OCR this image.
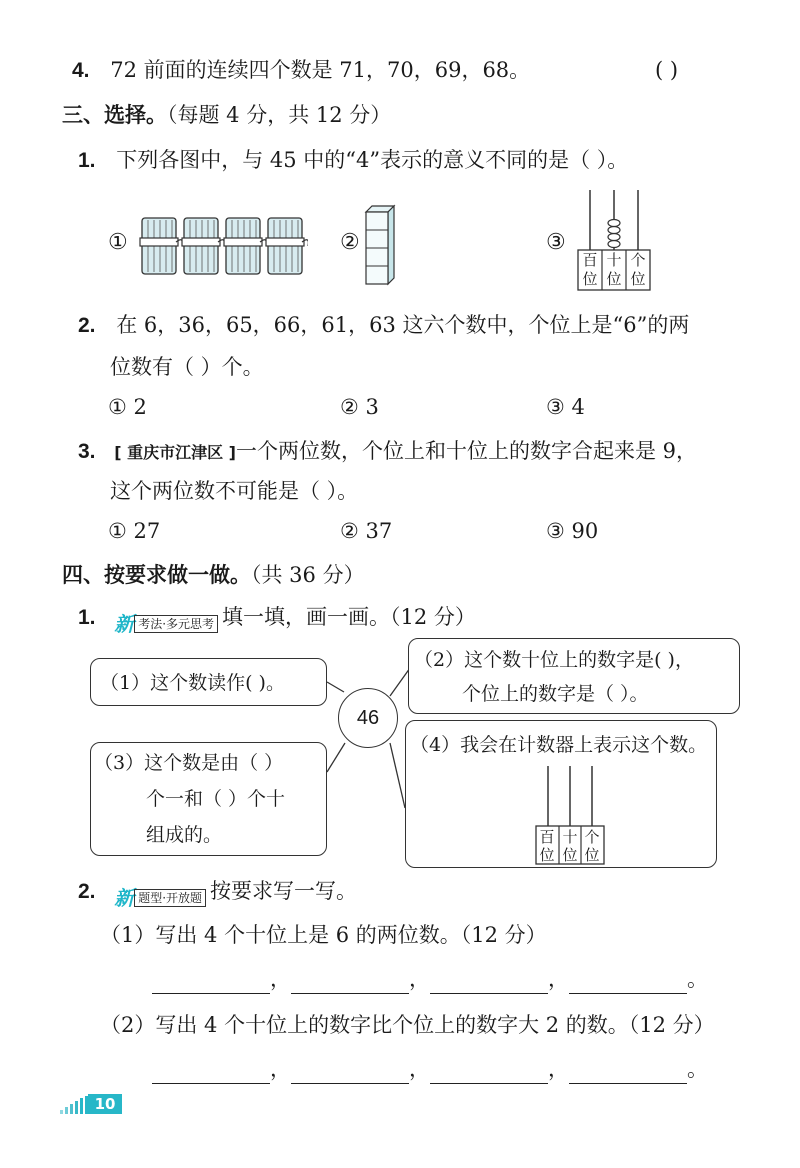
4. 72 前面的连续四个数是 71，70，69，68。	( )
三、选择。（每题 4 分，共 12 分）
1. 下列各图中，与 45 中的“4”表示的意义不同的是（ ）。
①	②	③
百位
十位
个位
2. 在 6，36，65，66，61，63 这六个数中，个位上是“6”的两
位数有（ ）个。
① 2	② 3	③ 4
3. [ 重庆市江津区 ]一个两位数，个位上和十位上的数字合起来是 9，
这个两位数不可能是（ ）。
① 27	② 37	③ 90
四、按要求做一做。（共 36 分）
1. 新 考法·多元思考 填一填，画一画。（12 分）
（1）这个数读作( )。
（2）这个数十位上的数字是( )，
个位上的数字是（ ）。
46
（3）这个数是由（ ）
个一和（ ）个十
组成的。
（4）我会在计数器上表示这个数。
百位
十位
个位
2. 新 题型·开放题 按要求写一写。
（1）写出 4 个十位上是 6 的两位数。（12 分）
，	，	，	。
（2）写出 4 个十位上的数字比个位上的数字大 2 的数。（12 分）
，	，	，	。
10
